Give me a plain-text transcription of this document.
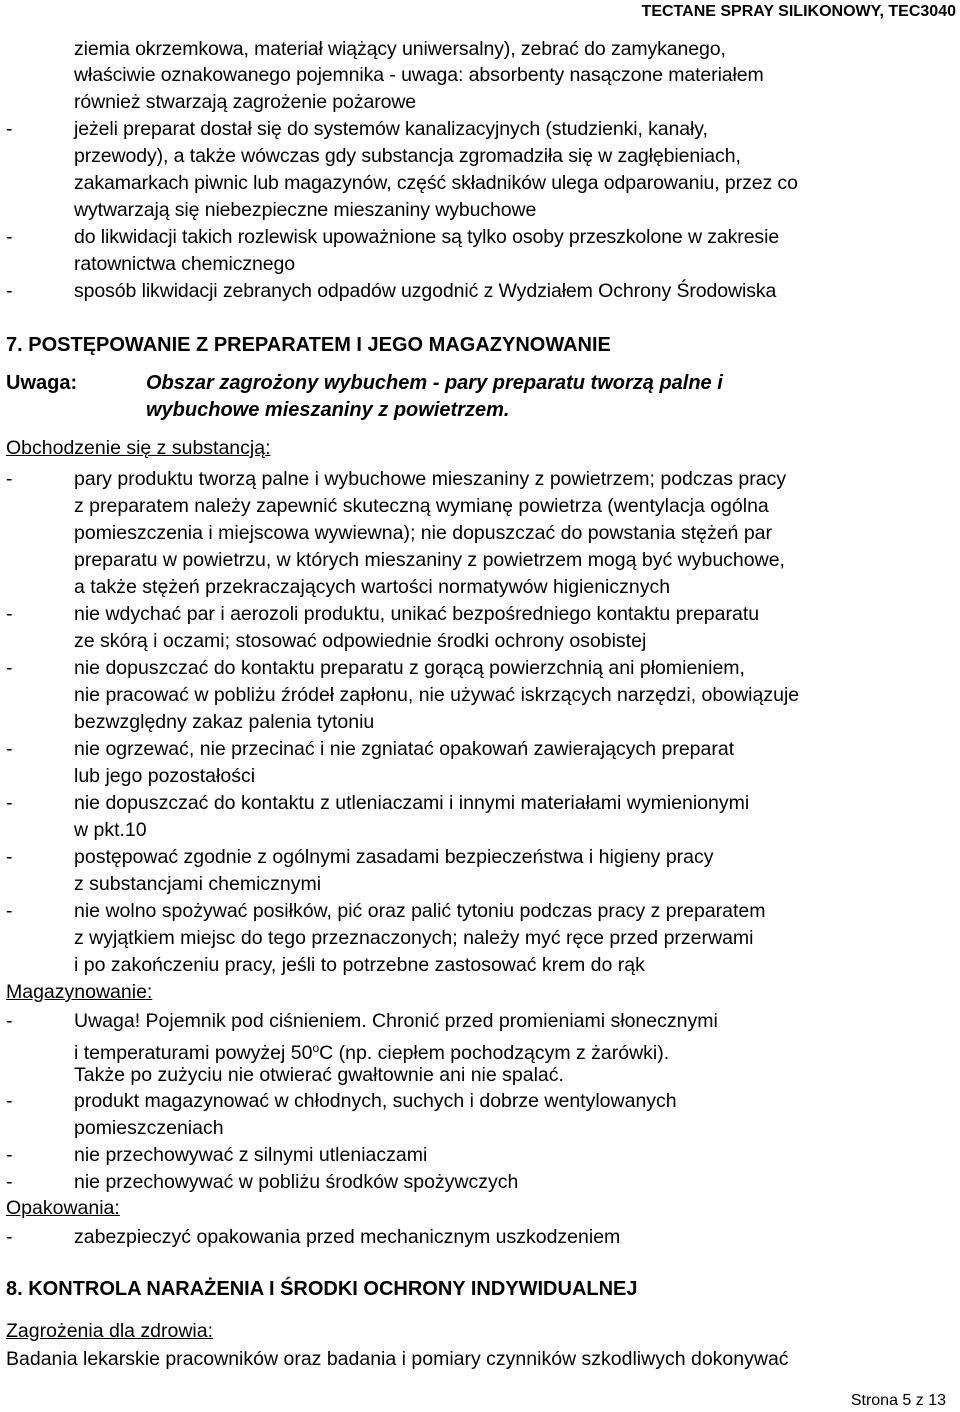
TECTANE SPRAY SILIKONOWY, TEC3040
ziemia okrzemkowa, materiał wiążący uniwersalny), zebrać do zamykanego,
właściwie oznakowanego pojemnika - uwaga: absorbenty nasączone materiałem
również stwarzają zagrożenie pożarowe
-	jeżeli preparat dostał się do systemów kanalizacyjnych (studzienki, kanały,
przewody), a także wówczas gdy substancja zgromadziła się w zagłębieniach,
zakamarkach piwnic lub magazynów, część składników ulega odparowaniu, przez co
wytwarzają się niebezpieczne mieszaniny wybuchowe
-	do likwidacji takich rozlewisk upoważnione są tylko osoby przeszkolone w zakresie
ratownictwa chemicznego
-	sposób likwidacji zebranych odpadów uzgodnić z Wydziałem Ochrony Środowiska
7. POSTĘPOWANIE Z PREPARATEM I JEGO MAGAZYNOWANIE
Uwaga:	Obszar zagrożony wybuchem - pary preparatu tworzą palne i
wybuchowe mieszaniny z powietrzem.
Obchodzenie się z substancją:
-	pary produktu tworzą palne i wybuchowe mieszaniny z powietrzem; podczas pracy
z preparatem należy zapewnić skuteczną wymianę powietrza (wentylacja ogólna
pomieszczenia i miejscowa wywiewna); nie dopuszczać do powstania stężeń par
preparatu w powietrzu, w których mieszaniny z powietrzem mogą być wybuchowe,
a także stężeń przekraczających wartości normatywów higienicznych
-	nie wdychać par i aerozoli produktu, unikać bezpośredniego kontaktu preparatu
ze skórą i oczami; stosować odpowiednie środki ochrony osobistej
-	nie dopuszczać do kontaktu preparatu z gorącą powierzchnią ani płomieniem,
nie pracować w pobliżu źródeł zapłonu, nie używać iskrzących narzędzi, obowiązuje
bezwzględny zakaz palenia tytoniu
-	nie ogrzewać, nie przecinać i nie zgniatać opakowań zawierających preparat
lub jego pozostałości
-	nie dopuszczać do kontaktu z utleniaczami i innymi materiałami wymienionymi
w pkt.10
-	postępować zgodnie z ogólnymi zasadami bezpieczeństwa i higieny pracy
z substancjami chemicznymi
-	nie wolno spożywać posiłków, pić oraz palić tytoniu podczas pracy z preparatem
z wyjątkiem miejsc do tego przeznaczonych; należy myć ręce przed przerwami
i po zakończeniu pracy, jeśli to potrzebne zastosować krem do rąk
Magazynowanie:
-	Uwaga! Pojemnik pod ciśnieniem. Chronić przed promieniami słonecznymi
i temperaturami powyżej 50$^o$C (np. ciepłem pochodzącym z żarówki).
Także po zużyciu nie otwierać gwałtownie ani nie spalać.
-	produkt magazynować w chłodnych, suchych i dobrze wentylowanych
pomieszczeniach
-	nie przechowywać z silnymi utleniaczami
-	nie przechowywać w pobliżu środków spożywczych
Opakowania:
-	zabezpieczyć opakowania przed mechanicznym uszkodzeniem
8. KONTROLA NARAŻENIA I ŚRODKI OCHRONY INDYWIDUALNEJ
Zagrożenia dla zdrowia:
Badania lekarskie pracowników oraz badania i pomiary czynników szkodliwych dokonywać
Strona 5 z 13
